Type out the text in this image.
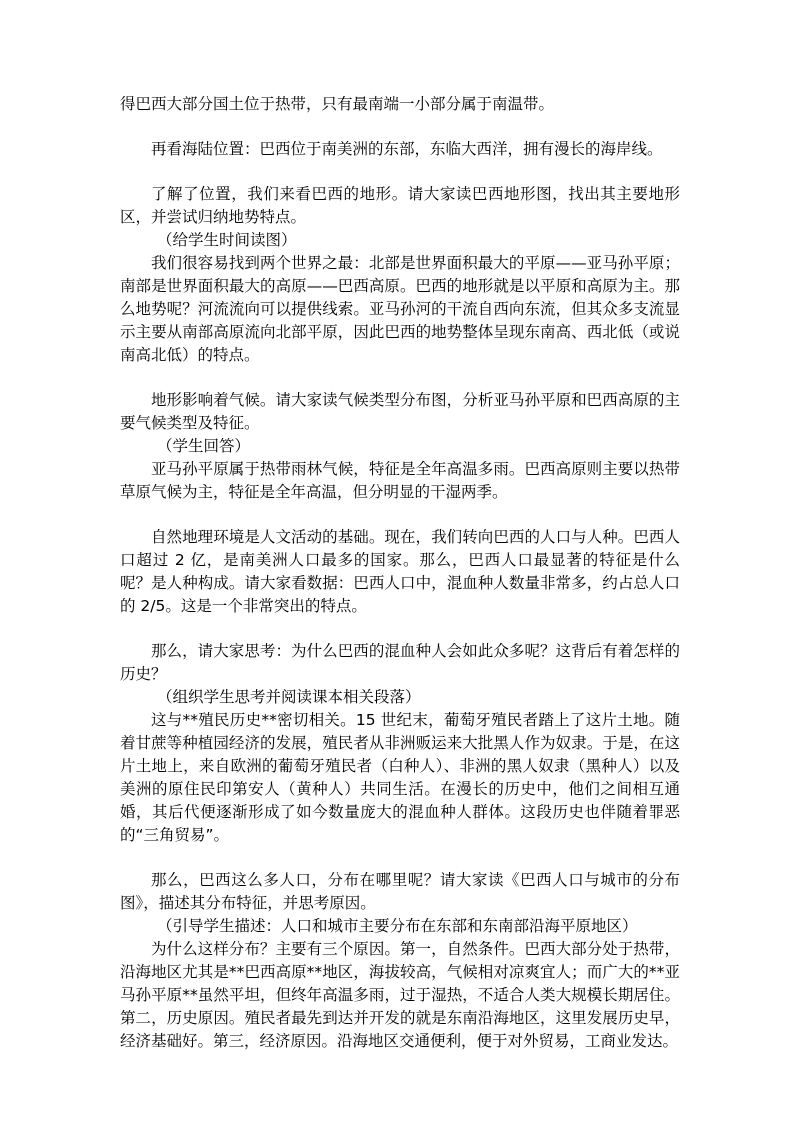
得巴西大部分国土位于热带，只有最南端一小部分属于南温带。

再看海陆位置：巴西位于南美洲的东部，东临大西洋，拥有漫长的海岸线。

了解了位置，我们来看巴西的地形。请大家读巴西地形图，找出其主要地形区，并尝试归纳地势特点。

（给学生时间读图）

我们很容易找到两个世界之最：北部是世界面积最大的平原——亚马孙平原；南部是世界面积最大的高原——巴西高原。巴西的地形就是以平原和高原为主。那么地势呢？河流流向可以提供线索。亚马孙河的干流自西向东流，但其众多支流显示主要从南部高原流向北部平原，因此巴西的地势整体呈现东南高、西北低（或说南高北低）的特点。

地形影响着气候。请大家读气候类型分布图，分析亚马孙平原和巴西高原的主要气候类型及特征。

（学生回答）

亚马孙平原属于热带雨林气候，特征是全年高温多雨。巴西高原则主要以热带草原气候为主，特征是全年高温，但分明显的干湿两季。

自然地理环境是人文活动的基础。现在，我们转向巴西的人口与人种。巴西人口超过 2 亿，是南美洲人口最多的国家。那么，巴西人口最显著的特征是什么呢？是人种构成。请大家看数据：巴西人口中，混血种人数量非常多，约占总人口的 2/5。这是一个非常突出的特点。

那么，请大家思考：为什么巴西的混血种人会如此众多呢？这背后有着怎样的历史？

（组织学生思考并阅读课本相关段落）

这与**殖民历史**密切相关。15 世纪末，葡萄牙殖民者踏上了这片土地。随着甘蔗等种植园经济的发展，殖民者从非洲贩运来大批黑人作为奴隶。于是，在这片土地上，来自欧洲的葡萄牙殖民者（白种人）、非洲的黑人奴隶（黑种人）以及美洲的原住民印第安人（黄种人）共同生活。在漫长的历史中，他们之间相互通婚，其后代便逐渐形成了如今数量庞大的混血种人群体。这段历史也伴随着罪恶的“三角贸易”。

那么，巴西这么多人口，分布在哪里呢？请大家读《巴西人口与城市的分布图》，描述其分布特征，并思考原因。

（引导学生描述：人口和城市主要分布在东部和东南部沿海平原地区）

为什么这样分布？主要有三个原因。第一，自然条件。巴西大部分处于热带，沿海地区尤其是**巴西高原**地区，海拔较高，气候相对凉爽宜人；而广大的**亚马孙平原**虽然平坦，但终年高温多雨，过于湿热，不适合人类大规模长期居住。第二，历史原因。殖民者最先到达并开发的就是东南沿海地区，这里发展历史早，经济基础好。第三，经济原因。沿海地区交通便利，便于对外贸易，工商业发达。
